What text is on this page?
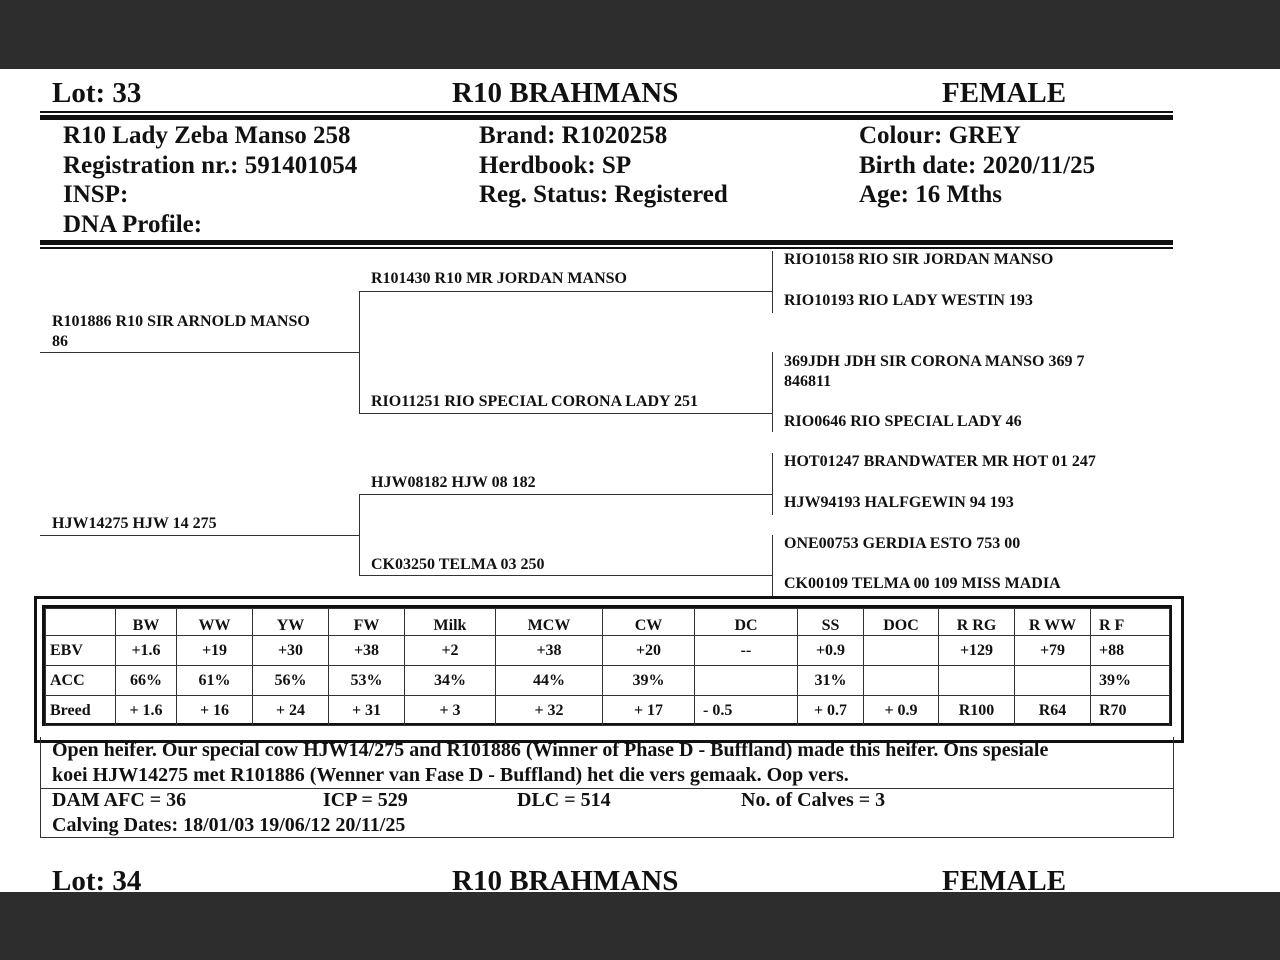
Lot: 33	R10 BRAHMANS	FEMALE
R10 Lady Zeba Manso 258
Registration nr.: 591401054
INSP:
DNA Profile:
Brand: R1020258
Herdbook: SP
Reg. Status: Registered
Colour: GREY
Birth date: 2020/11/25
Age: 16 Mths
R101886 R10 SIR ARNOLD MANSO
86
HJW14275 HJW 14 275
R101430 R10 MR JORDAN MANSO
RIO11251 RIO SPECIAL CORONA LADY 251
HJW08182 HJW 08 182
CK03250 TELMA 03 250
RIO10158 RIO SIR JORDAN MANSO
RIO10193 RIO LADY WESTIN 193
369JDH JDH SIR CORONA MANSO 369 7
846811
RIO0646 RIO SPECIAL LADY 46
HOT01247 BRANDWATER MR HOT 01 247
HJW94193 HALFGEWIN 94 193
ONE00753 GERDIA ESTO 753 00
CK00109 TELMA 00 109 MISS MADIA
	BW	WW	YW	FW	Milk	MCW	CW	DC	SS	DOC	R RG	R WW	R F
EBV	+1.6	+19	+30	+38	+2	+38	+20	--	+0.9		+129	+79	+88
ACC	66%	61%	56%	53%	34%	44%	39%		31%				39%
Breed	+ 1.6	+ 16	+ 24	+ 31	+ 3	+ 32	+ 17	- 0.5	+ 0.7	+ 0.9	R100	R64	R70
Open heifer. Our special cow HJW14/275 and R101886 (Winner of Phase D - Buffland) made this heifer. Ons spesiale
koei HJW14275 met R101886 (Wenner van Fase D - Buffland) het die vers gemaak. Oop vers.
DAM AFC = 36	ICP = 529	DLC = 514	No. of Calves = 3
Calving Dates: 18/01/03 19/06/12 20/11/25
Lot: 34	R10 BRAHMANS	FEMALE
